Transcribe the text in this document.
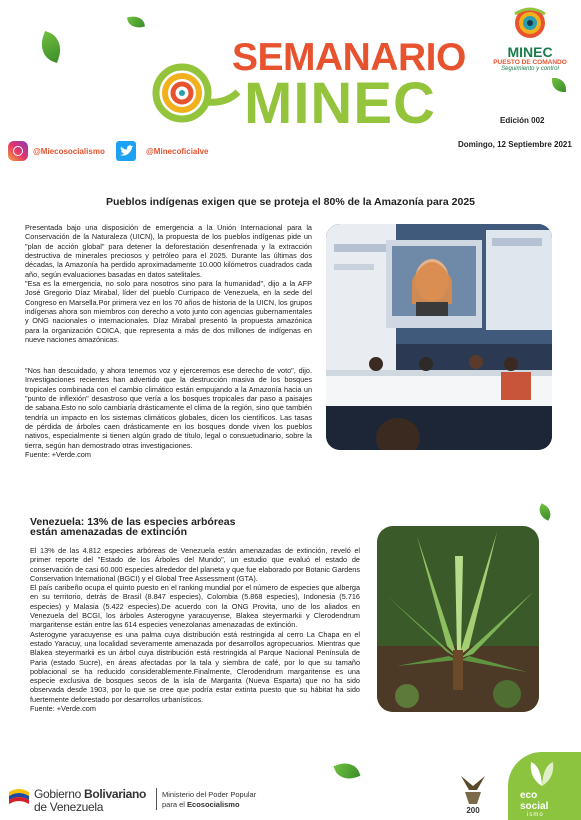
SEMANARIO
MINEC
MINEC
PUESTO DE COMANDO
Seguimiento y control
Edición 002
@Miecosocialismo	@Minecoficialve
Domingo, 12 Septiembre 2021
Pueblos indígenas exigen que se proteja el 80% de la Amazonía para 2025

Presentada bajo una disposición de emergencia a la Unión Internacional para la Conservación de la Naturaleza (UICN), la propuesta de los pueblos indígenas pide un "plan de acción global" para detener la deforestación desenfrenada y la extracción destructiva de minerales preciosos y petróleo para el 2025. Durante las últimas dos décadas, la Amazonía ha perdido aproximadamente 10.000 kilómetros cuadrados cada año, según evaluaciones basadas en datos satelitales.

"Esa es la emergencia, no solo para nosotros sino para la humanidad", dijo a la AFP José Gregorio Díaz Mirabal, líder del pueblo Curripaco de Venezuela, en la sede del Congreso en Marsella.Por primera vez en los 70 años de historia de la UICN, los grupos indígenas ahora son miembros con derecho a voto junto con agencias gubernamentales y ONG nacionales o internacionales. Díaz Mirabal presentó la propuesta amazónica para la organización COICA, que representa a más de dos millones de indígenas en nueve naciones amazónicas.

"Nos han descuidado, y ahora tenemos voz y ejerceremos ese derecho de voto", dijo. Investigaciones recientes han advertido que la destrucción masiva de los bosques tropicales combinada con el cambio climático están empujando a la Amazonía hacia un "punto de inflexión" desastroso que vería a los bosques tropicales dar paso a paisajes de sabana.Esto no solo cambiaría drásticamente el clima de la región, sino que también tendría un impacto en los sistemas climáticos globales, dicen los científicos. Las tasas de pérdida de árboles caen drásticamente en los bosques donde viven los pueblos nativos, especialmente si tienen algún grado de título, legal o consuetudinario, sobre la tierra, según han demostrado otras investigaciones.

Fuente: +Verde.com

Venezuela: 13% de las especies arbóreas
están amenazadas de extinción

El 13% de las 4.812 especies arbóreas de Venezuela están amenazadas de extinción, reveló el primer reporte del "Estado de los Árboles del Mundo", un estudio que evaluó el estado de conservación de casi 60.000 especies alrededor del planeta y que fue elaborado por Botanic Gardens Conservation International (BGCI) y el Global Tree Assessment (GTA).

El país caribeño ocupa el quinto puesto en el ranking mundial por el número de especies que alberga en su territorio, detrás de Brasil (8.847 especies), Colombia (5.868 especies), Indonesia (5.716 especies) y Malasia (5.422 especies).De acuerdo con la ONG Provita, uno de los aliados en Venezuela del BCGI, los árboles Asterogyne yaracuyense, Blakea steyermarkii y Clerodendrum margaritense están entre las 614 especies venezolanas amenazadas de extinción.

Asterogyne yaracuyense es una palma cuya distribución está restringida al cerro La Chapa en el estado Yaracuy, una localidad severamente amenazada por desarrollos agropecuarios. Mientras que Blakea steyermarkii es un árbol cuya distribución está restringida al Parque Nacional Península de Paria (estado Sucre), en áreas afectadas por la tala y siembra de café, por lo que su tamaño poblacional se ha reducido considerablemente.Finalmente, Clerodendrum margaritense es una especie exclusiva de bosques secos de la isla de Margarita (Nueva Esparta) que no ha sido observada desde 1903, por lo que se cree que podría estar extinta puesto que su hábitat ha sido fuertemente deforestado por desarrollos urbanísticos.

Fuente: +Verde.com

Gobierno Bolivariano
de Venezuela
Ministerio del Poder Popular
para el Ecosocialismo
200
eco
social
ismo
